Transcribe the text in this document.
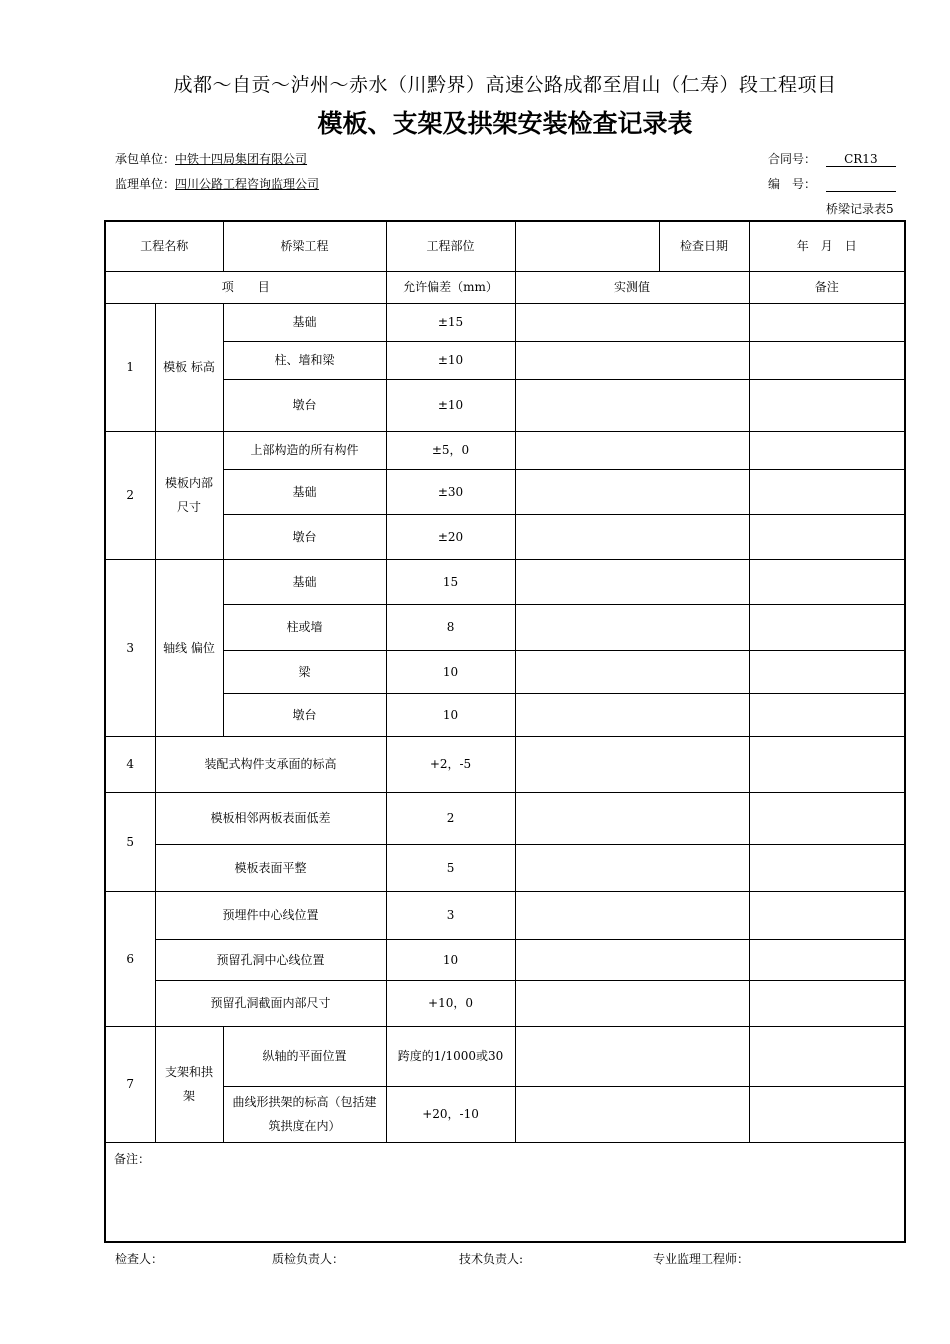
成都～自贡～泸州～赤水（川黔界）高速公路成都至眉山（仁寿）段工程项目
模板、支架及拱架安装检查记录表
承包单位：中铁十四局集团有限公司
监理单位：四川公路工程咨询监理公司
合同号： CR13
编　号：
桥梁记录表5
工程名称		桥梁工程	工程部位		检查日期	年　月　日
项　　目			允许偏差（mm）	实测值		备注
1	模板 标高	基础	±15			
		柱、墙和梁	±10			
		墩台	±10			
2	模板内部尺寸	上部构造的所有构件	±5，0			
		基础	±30			
		墩台	±20			
3	轴线 偏位	基础	15			
		柱或墙	8			
		梁	10			
		墩台	10			
4	装配式构件支承面的标高		+2，-5			
5	模板相邻两板表面低差		2			
	模板表面平整		5			
6	预埋件中心线位置		3			
	预留孔洞中心线位置		10			
	预留孔洞截面内部尺寸		+10，0			
7	支架和拱架	纵轴的平面位置	跨度的1/1000或30			
		曲线形拱架的标高（包括建筑拱度在内）	+20，-10			
备注：						
检查人：	质检负责人：	技术负责人:	专业监理工程师：
